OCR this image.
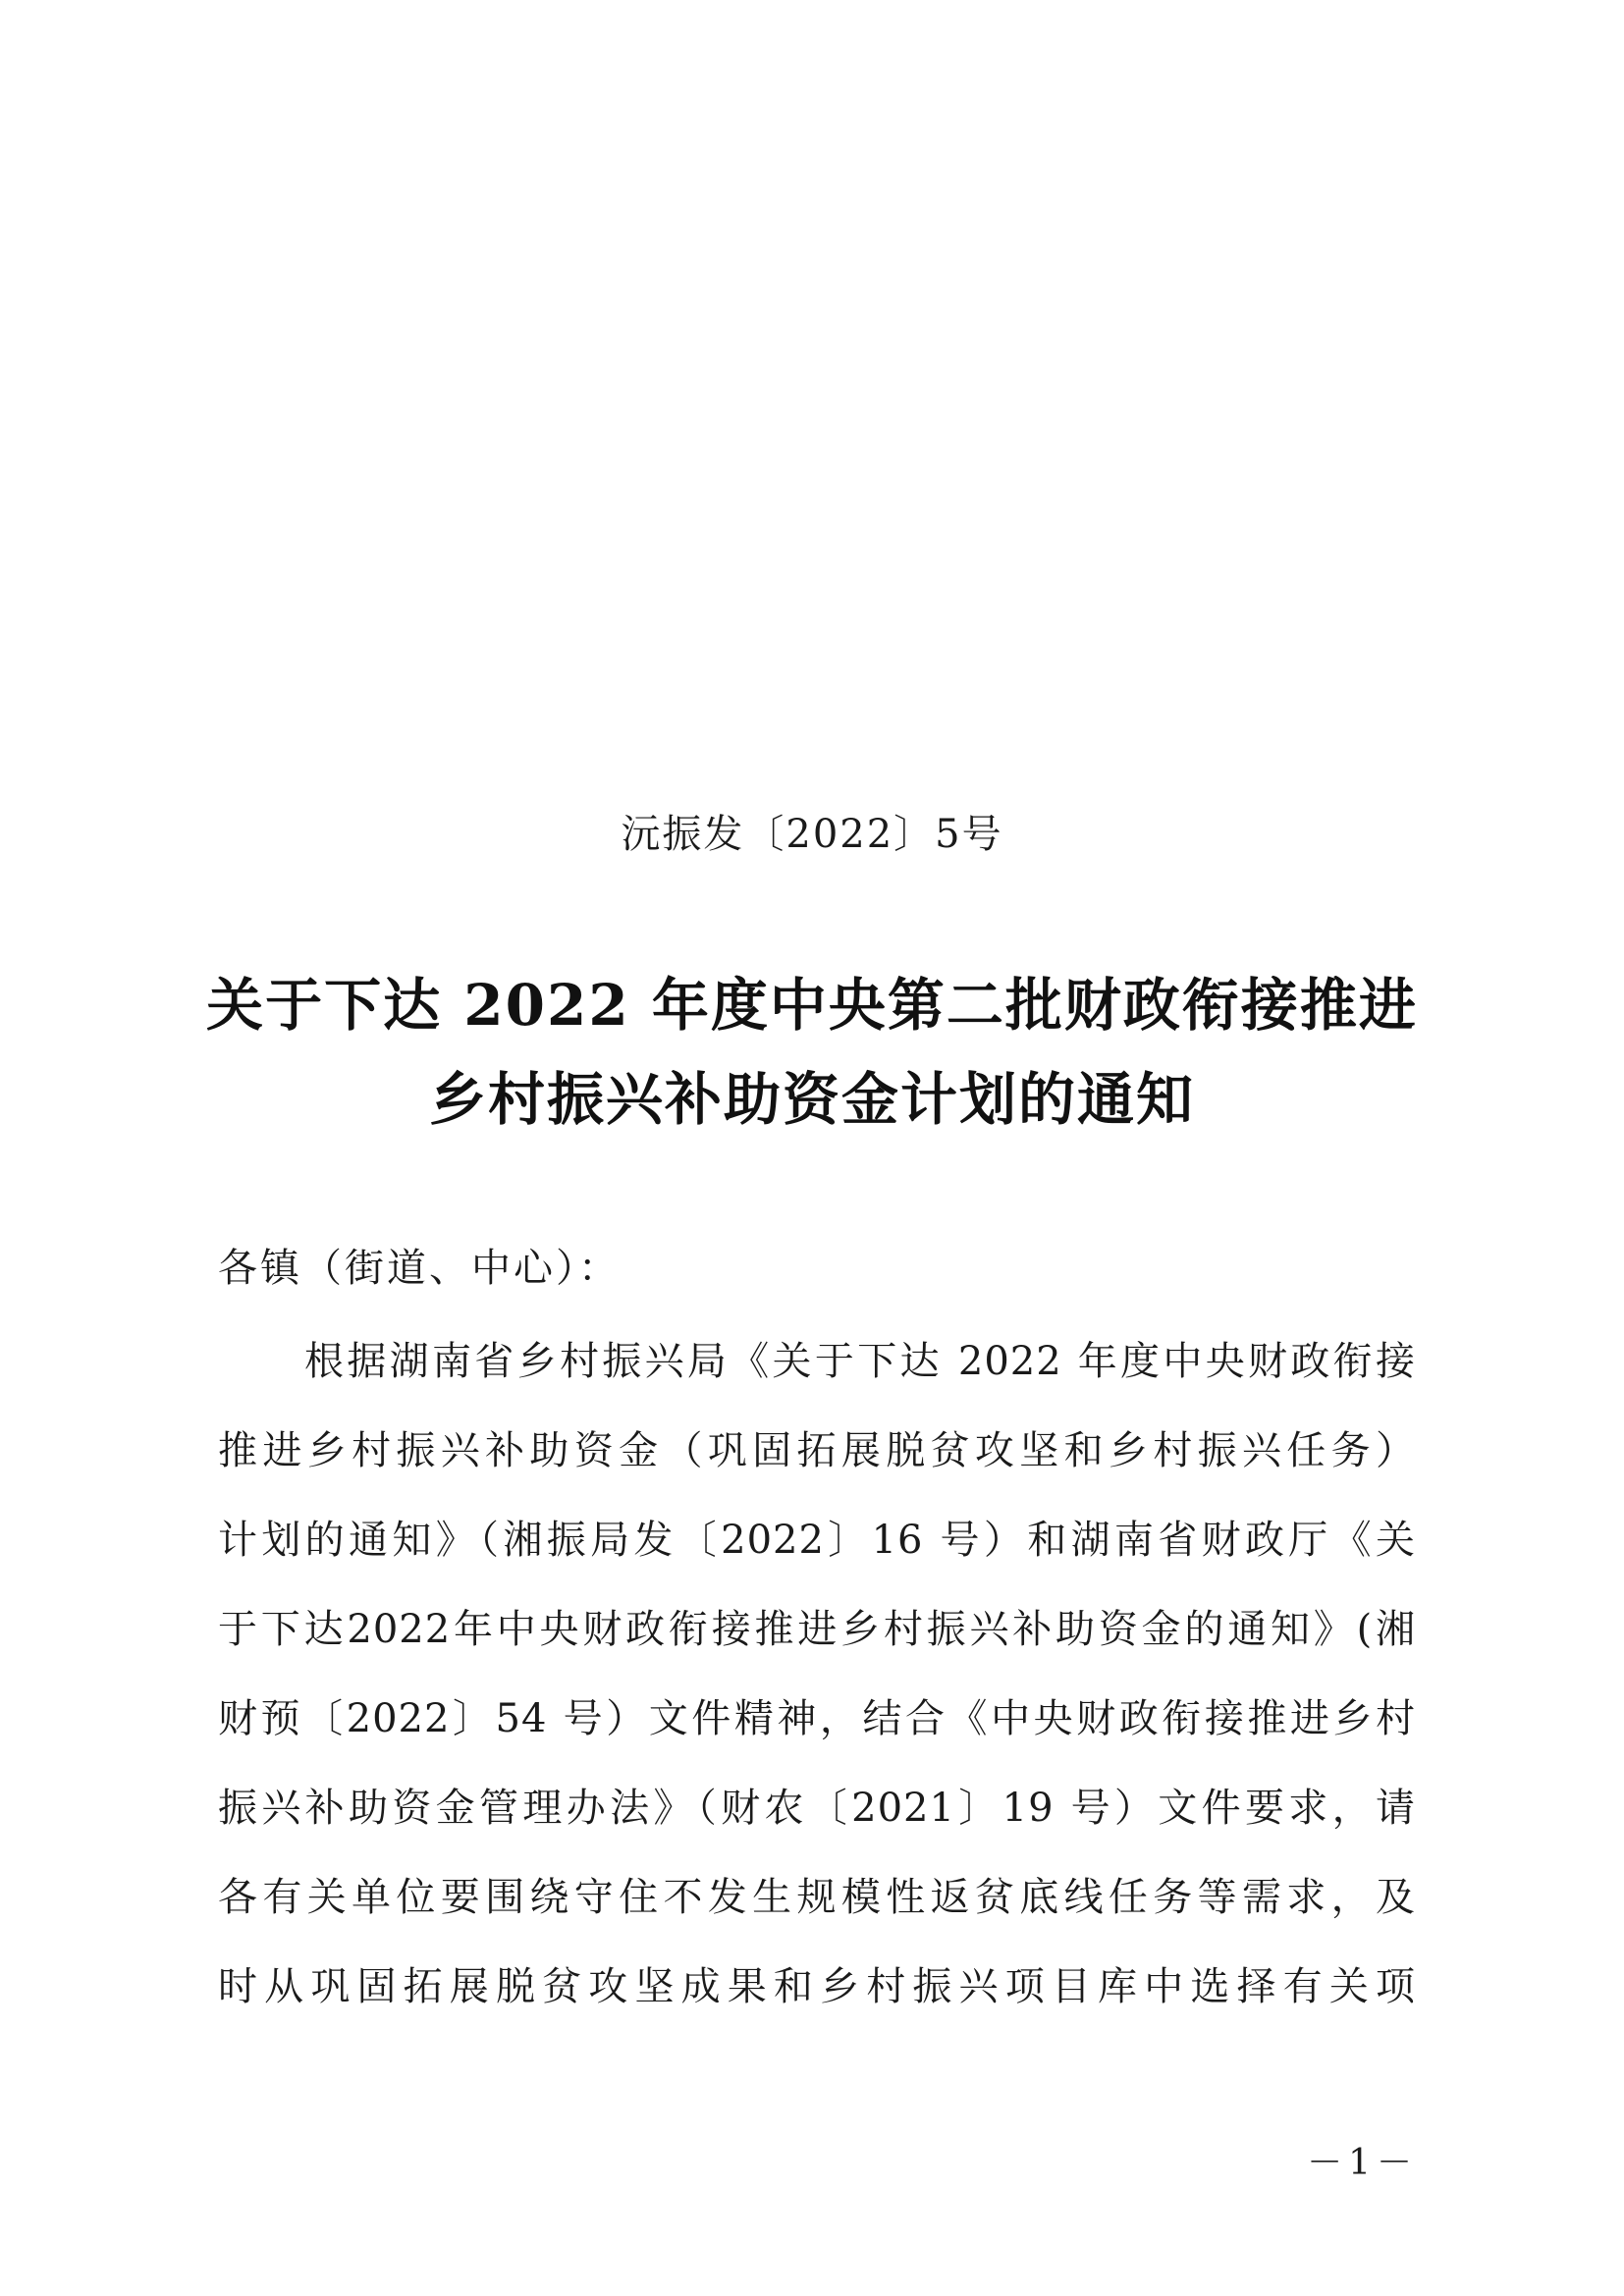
沅振发〔2022〕5号
关于下达 2022 年度中央第二批财政衔接推进
乡村振兴补助资金计划的通知
各镇（街道、中心）：
根据湖南省乡村振兴局《关于下达 2022 年度中央财政衔接
推进乡村振兴补助资金（巩固拓展脱贫攻坚和乡村振兴任务）
计划的通知》（湘振局发〔2022〕16 号）和湖南省财政厅《关
于下达2022年中央财政衔接推进乡村振兴补助资金的通知》(湘
财预〔2022〕54 号）文件精神，结合《中央财政衔接推进乡村
振兴补助资金管理办法》（财农〔2021〕19 号）文件要求，请
各有关单位要围绕守住不发生规模性返贫底线任务等需求，及
时从巩固拓展脱贫攻坚成果和乡村振兴项目库中选择有关项
－1－
